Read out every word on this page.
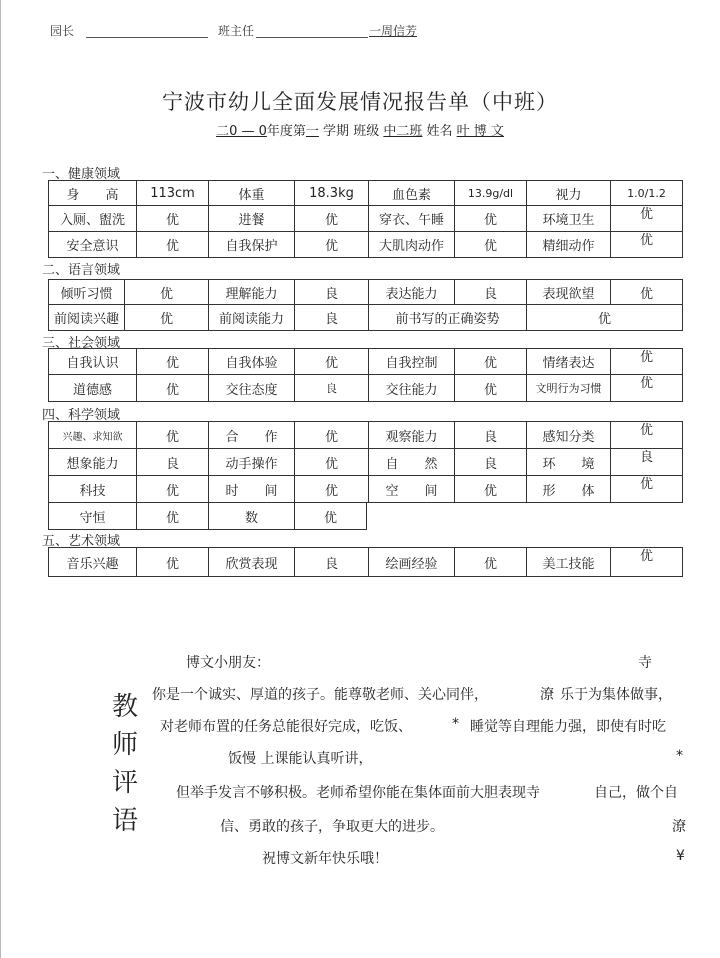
园长	班主任	一周信芳
宁波市幼儿全面发展情况报告单（中班）
二0 — 0年度第一 学期 班级 中二班 姓名 叶 博 文
一、健康领域
身　　高	113cm	体重	18.3kg	血色素	13.9g/dl	视力	1.0/1.2
入厕、盥洗	优	进餐	优	穿衣、午睡	优	环境卫生	优
安全意识	优	自我保护	优	大肌肉动作	优	精细动作	优
二、语言领域
倾听习惯	优	理解能力	良	表达能力	良	表现欲望	优
前阅读兴趣	优	前阅读能力	良	前书写的正确姿势		优	
三、社会领域
自我认识	优	自我体验	优	自我控制	优	情绪表达	优
道德感	优	交往态度	良	交往能力	优	文明行为习惯	优
四、科学领域
兴趣、求知欲	优	合　　作	优	观察能力	良	感知分类	优
想象能力	良	动手操作	优	自　　然	良	环　　境	良
科技	优	时　　间	优	空　　间	优	形　　体	优
守恒	优	数	优
五、艺术领域
音乐兴趣	优	欣赏表现	良	绘画经验	优	美工技能	优
教
师
评
语
博文小朋友：	寺
你是一个诚实、厚道的孩子。能尊敬老师、关心同伴，	潦 乐于为集体做事，
对老师布置的任务总能很好完成，吃饭、	* 睡觉等自理能力强，即使有时吃
饭慢 上课能认真听讲，	*
但举手发言不够积极。老师希望你能在集体面前大胆表现寺	自己，做个自
信、勇敢的孩子，争取更大的进步。	潦
祝博文新年快乐哦！	¥
